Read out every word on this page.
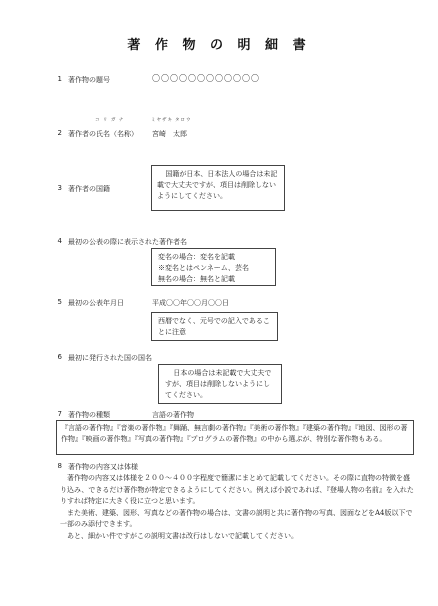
著 作 物 の 明 細 書
1 著作物の題号	〇〇〇〇〇〇〇〇〇〇〇〇
コ リ ガ ナ	ミヤザキ タロウ
2 著作者の氏名（名称） 宮崎　太郎
3 著作者の国籍
国籍が日本、日本法人の場合は未記載で大丈夫ですが、項目は削除しないようにしてください。
4 最初の公表の際に表示された著作者名
変名の場合：変名を記載
※変名とはペンネーム、芸名
無名の場合：無名と記載
5 最初の公表年月日	平成〇〇年〇〇月〇〇日
西暦でなく、元号での記入であることに注意
6 最初に発行された国の国名
日本の場合は未記載で大丈夫ですが、項目は削除しないようにしてください。
7 著作物の種類	言語の著作物
『言語の著作物』『音楽の著作物』『舞踊、無言劇の著作物』『美術の著作物』『建築の著作物』『地図、図形の著作物』『映画の著作物』『写真の著作物』『プログラムの著作物』の中から選ぶが、特別な著作物もある。
8 著作物の内容又は体様

著作物の内容又は体様を２００～４００字程度で簡潔にまとめて記載してください。その際に直物の特徴を盛り込み、できるだけ著作物が特定できるようにしてください。例えば小説であれば、『登場人物の名前』を入れたりすれば特定に大きく役に立つと思います。

また美術、建築、図形、写真などの著作物の場合は、文書の説明と共に著作物の写真、図面などをA4版以下で一部のみ添付できます。

あと、細かい件ですがこの説明文書は改行はしないで記載してください。
